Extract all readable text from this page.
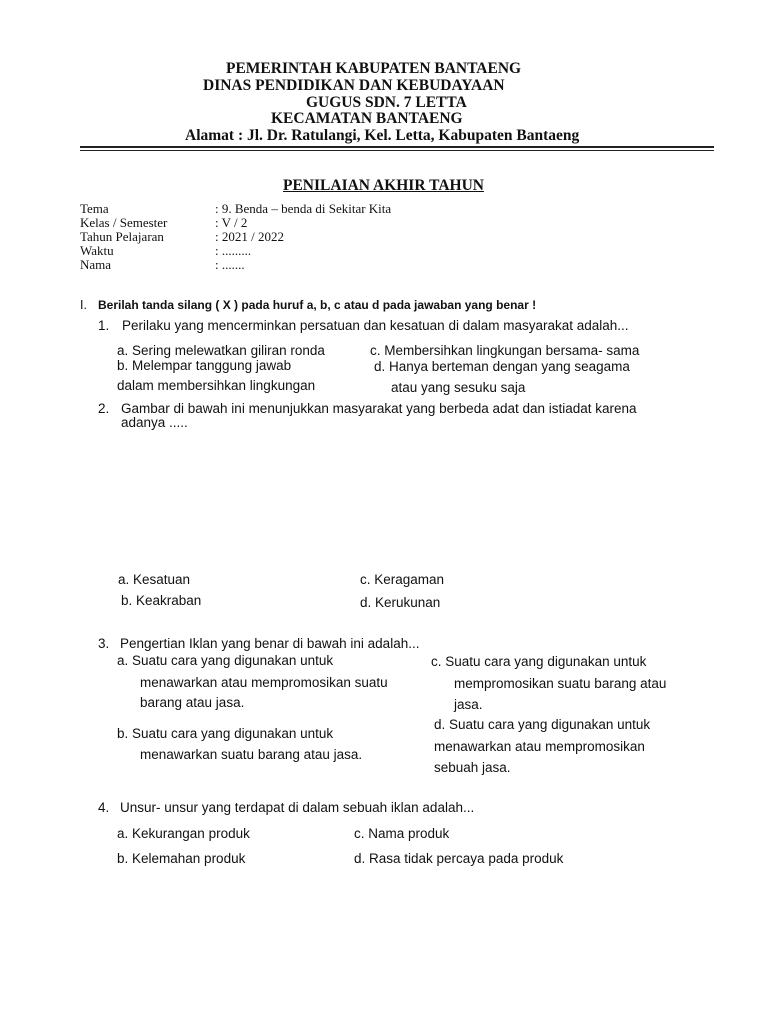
PEMERINTAH KABUPATEN BANTAENG
DINAS PENDIDIKAN DAN KEBUDAYAAN
GUGUS SDN. 7 LETTA
KECAMATAN BANTAENG
Alamat : Jl. Dr. Ratulangi, Kel. Letta, Kabupaten Bantaeng
PENILAIAN AKHIR TAHUN
Tema	: 9. Benda – benda di Sekitar Kita
Kelas / Semester	: V / 2
Tahun Pelajaran	: 2021 / 2022
Waktu	: .........
Nama	: .......
I. Berilah tanda silang ( X ) pada huruf a, b, c atau d pada jawaban yang benar !
1. Perilaku yang mencerminkan persatuan dan kesatuan di dalam masyarakat adalah...
a. Sering melewatkan giliran ronda
b. Melempar tanggung jawab
dalam membersihkan lingkungan
c. Membersihkan lingkungan bersama- sama
d. Hanya berteman dengan yang seagama
atau yang sesuku saja
2. Gambar di bawah ini menunjukkan masyarakat yang berbeda adat dan istiadat karena
adanya .....
a. Kesatuan
b. Keakraban
c. Keragaman
d. Kerukunan
3. Pengertian Iklan yang benar di bawah ini adalah...
a. Suatu cara yang digunakan untuk
menawarkan atau mempromosikan suatu
barang atau jasa.
b. Suatu cara yang digunakan untuk
menawarkan suatu barang atau jasa.
c. Suatu cara yang digunakan untuk
mempromosikan suatu barang atau
jasa.
d. Suatu cara yang digunakan untuk
menawarkan atau mempromosikan
sebuah jasa.
4. Unsur- unsur yang terdapat di dalam sebuah iklan adalah...
a. Kekurangan produk
b. Kelemahan produk
c. Nama produk
d. Rasa tidak percaya pada produk
